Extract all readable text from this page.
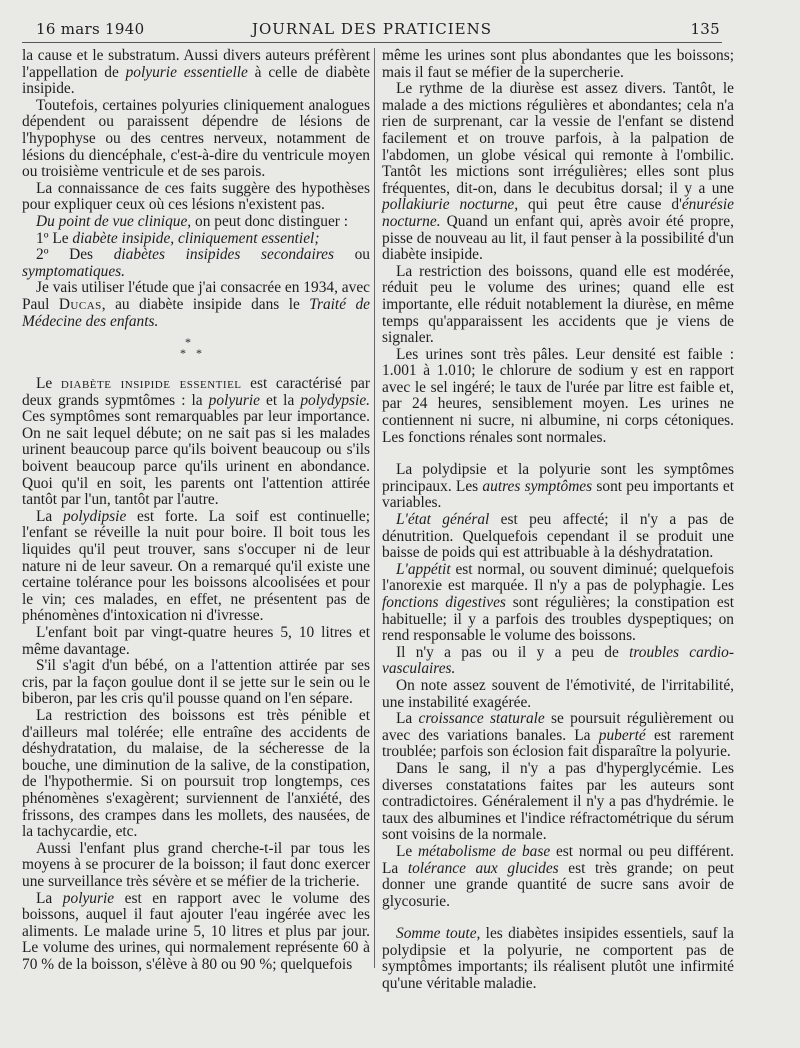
16 mars 1940	JOURNAL DES PRATICIENS	135

la cause et le substratum. Aussi divers auteurs préfèrent l'appellation de polyurie essentielle à celle de diabète insipide.

Toutefois, certaines polyuries cliniquement analogues dépendent ou paraissent dépendre de lésions de l'hypophyse ou des centres nerveux, notamment de lésions du diencéphale, c'est-à-dire du ventricule moyen ou troisième ventricule et de ses parois.

La connaissance de ces faits suggère des hypothèses pour expliquer ceux où ces lésions n'existent pas.

Du point de vue clinique, on peut donc distinguer :

1º Le diabète insipide, cliniquement essentiel;

2º Des diabètes insipides secondaires ou symptomatiques.

Je vais utiliser l'étude que j'ai consacrée en 1934, avec Paul Ducas, au diabète insipide dans le Traité de Médecine des enfants.

*
* *

Le diabète insipide essentiel est caractérisé par deux grands sypmtômes : la polyurie et la polydypsie. Ces symptômes sont remarquables par leur importance. On ne sait lequel débute; on ne sait pas si les malades urinent beaucoup parce qu'ils boivent beaucoup ou s'ils boivent beaucoup parce qu'ils urinent en abondance. Quoi qu'il en soit, les parents ont l'attention attirée tantôt par l'un, tantôt par l'autre.

La polydipsie est forte. La soif est continuelle; l'enfant se réveille la nuit pour boire. Il boit tous les liquides qu'il peut trouver, sans s'occuper ni de leur nature ni de leur saveur. On a remarqué qu'il existe une certaine tolérance pour les boissons alcoolisées et pour le vin; ces malades, en effet, ne présentent pas de phénomènes d'intoxication ni d'ivresse.

L'enfant boit par vingt-quatre heures 5, 10 litres et même davantage.

S'il s'agit d'un bébé, on a l'attention attirée par ses cris, par la façon goulue dont il se jette sur le sein ou le biberon, par les cris qu'il pousse quand on l'en sépare.

La restriction des boissons est très pénible et d'ailleurs mal tolérée; elle entraîne des accidents de déshydratation, du malaise, de la sécheresse de la bouche, une diminution de la salive, de la constipation, de l'hypothermie. Si on poursuit trop longtemps, ces phénomènes s'exagèrent; surviennent de l'anxiété, des frissons, des crampes dans les mollets, des nausées, de la tachycardie, etc.

Aussi l'enfant plus grand cherche-t-il par tous les moyens à se procurer de la boisson; il faut donc exercer une surveillance très sévère et se méfier de la tricherie.

La polyurie est en rapport avec le volume des boissons, auquel il faut ajouter l'eau ingérée avec les aliments. Le malade urine 5, 10 litres et plus par jour. Le volume des urines, qui normalement représente 60 à 70 % de la boisson, s'élève à 80 ou 90 %; quelquefois

même les urines sont plus abondantes que les boissons; mais il faut se méfier de la supercherie.

Le rythme de la diurèse est assez divers. Tantôt, le malade a des mictions régulières et abondantes; cela n'a rien de surprenant, car la vessie de l'enfant se distend facilement et on trouve parfois, à la palpation de l'abdomen, un globe vésical qui remonte à l'ombilic. Tantôt les mictions sont irrégulières; elles sont plus fréquentes, dit-on, dans le decubitus dorsal; il y a une pollakiurie nocturne, qui peut être cause d'énurésie nocturne. Quand un enfant qui, après avoir été propre, pisse de nouveau au lit, il faut penser à la possibilité d'un diabète insipide.

La restriction des boissons, quand elle est modérée, réduit peu le volume des urines; quand elle est importante, elle réduit notablement la diurèse, en même temps qu'apparaissent les accidents que je viens de signaler.

Les urines sont très pâles. Leur densité est faible : 1.001 à 1.010; le chlorure de sodium y est en rapport avec le sel ingéré; le taux de l'urée par litre est faible et, par 24 heures, sensiblement moyen. Les urines ne contiennent ni sucre, ni albumine, ni corps cétoniques. Les fonctions rénales sont normales.

La polydipsie et la polyurie sont les symptômes principaux. Les autres symptômes sont peu importants et variables.

L'état général est peu affecté; il n'y a pas de dénutrition. Quelquefois cependant il se produit une baisse de poids qui est attribuable à la déshydratation.

L'appétit est normal, ou souvent diminué; quelquefois l'anorexie est marquée. Il n'y a pas de polyphagie. Les fonctions digestives sont régulières; la constipation est habituelle; il y a parfois des troubles dyspeptiques; on rend responsable le volume des boissons.

Il n'y a pas ou il y a peu de troubles cardio-vasculaires.

On note assez souvent de l'émotivité, de l'irritabilité, une instabilité exagérée.

La croissance staturale se poursuit régulièrement ou avec des variations banales. La puberté est rarement troublée; parfois son éclosion fait disparaître la polyurie.

Dans le sang, il n'y a pas d'hyperglycémie. Les diverses constatations faites par les auteurs sont contradictoires. Généralement il n'y a pas d'hydrémie. le taux des albumines et l'indice réfractométrique du sérum sont voisins de la normale.

Le métabolisme de base est normal ou peu différent. La tolérance aux glucides est très grande; on peut donner une grande quantité de sucre sans avoir de glycosurie.

Somme toute, les diabètes insipides essentiels, sauf la polydipsie et la polyurie, ne comportent pas de symptômes importants; ils réalisent plutôt une infirmité qu'une véritable maladie.
